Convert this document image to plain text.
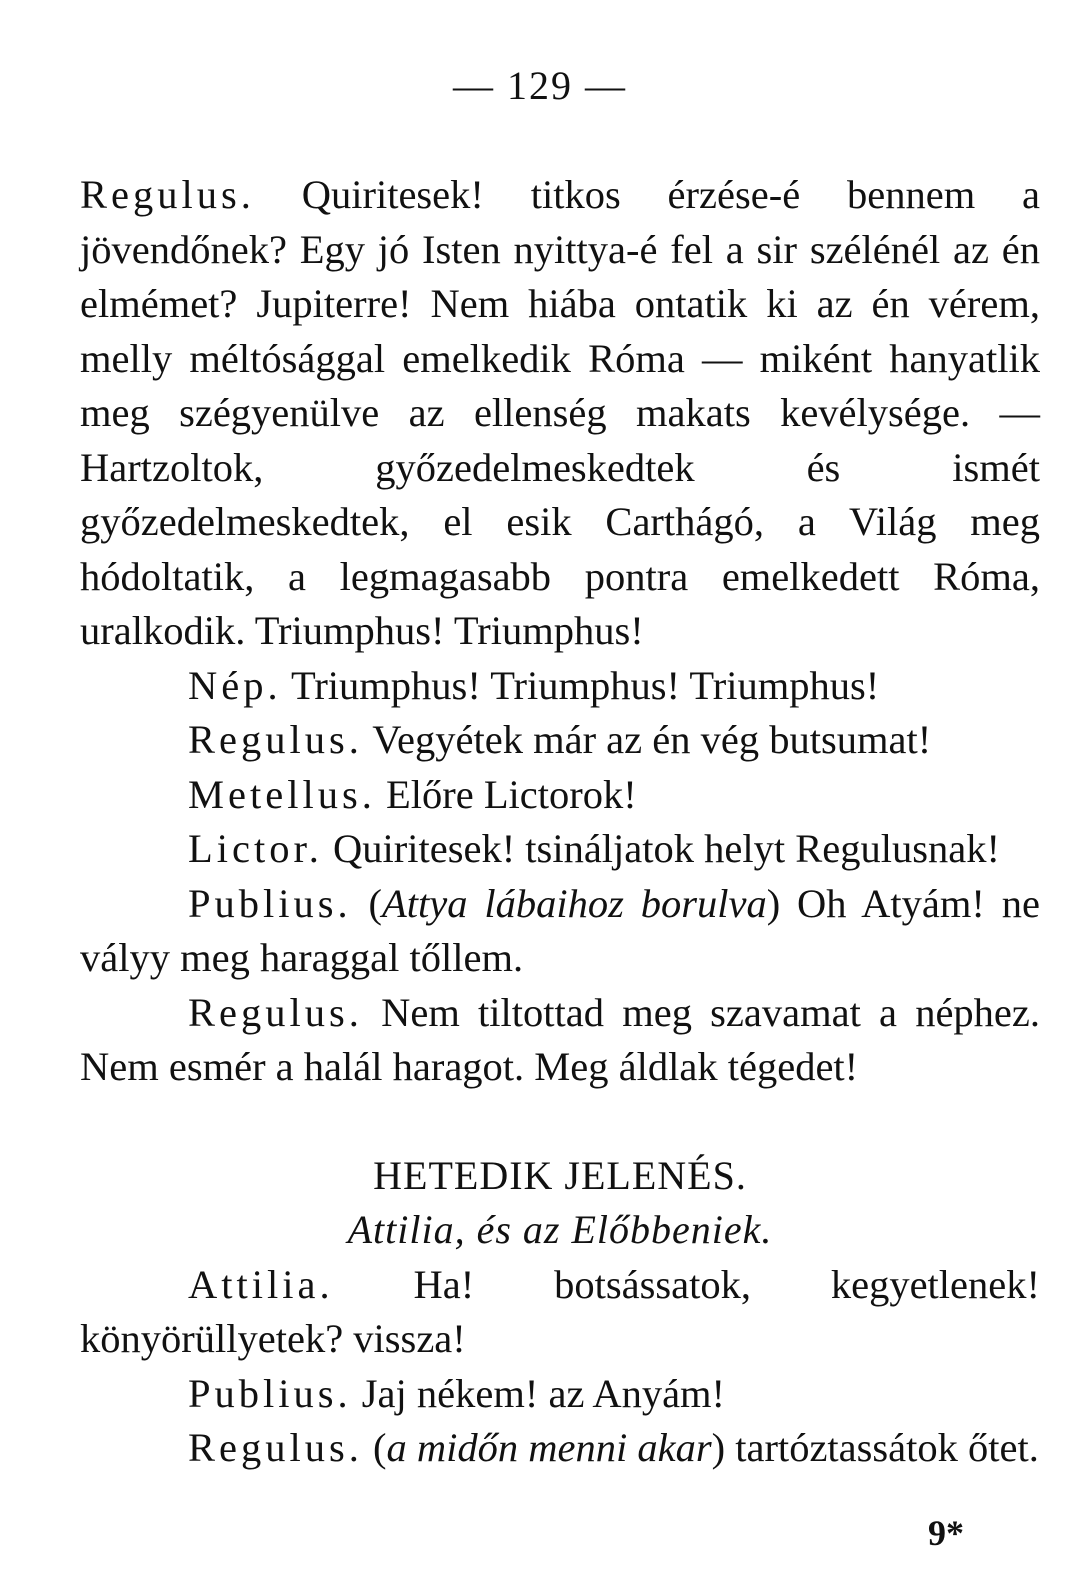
— 129 —

Regulus. Quiritesek! titkos érzése-é bennem a jövendőnek? Egy jó Isten nyittya-é fel a sir szélénél az én elmémet? Jupiterre! Nem hiába ontatik ki az én vérem, melly méltósággal emelkedik Róma — miként hanyatlik meg szégyenülve az ellenség makats kevélysége. — Hartzoltok, győzedelmeskedtek és ismét győzedelmeskedtek, el esik Carthágó, a Világ meg hódoltatik, a legmagasabb pontra emelkedett Róma, uralkodik. Triumphus! Triumphus!

Nép. Triumphus! Triumphus! Triumphus!

Regulus. Vegyétek már az én vég butsumat!

Metellus. Előre Lictorok!

Lictor. Quiritesek! tsináljatok helyt Regulusnak!

Publius. (Attya lábaihoz borulva) Oh Atyám! ne vályy meg haraggal tőllem.

Regulus. Nem tiltottad meg szavamat a néphez. Nem esmér a halál haragot. Meg áldlak tégedet!

HETEDIK JELENÉS.

Attilia, és az Előbbeniek.

Attilia. Ha! botsássatok, kegyetlenek! könyörüllyetek? vissza!

Publius. Jaj nékem! az Anyám!

Regulus. (a midőn menni akar) tartóztassátok őtet.

9*
